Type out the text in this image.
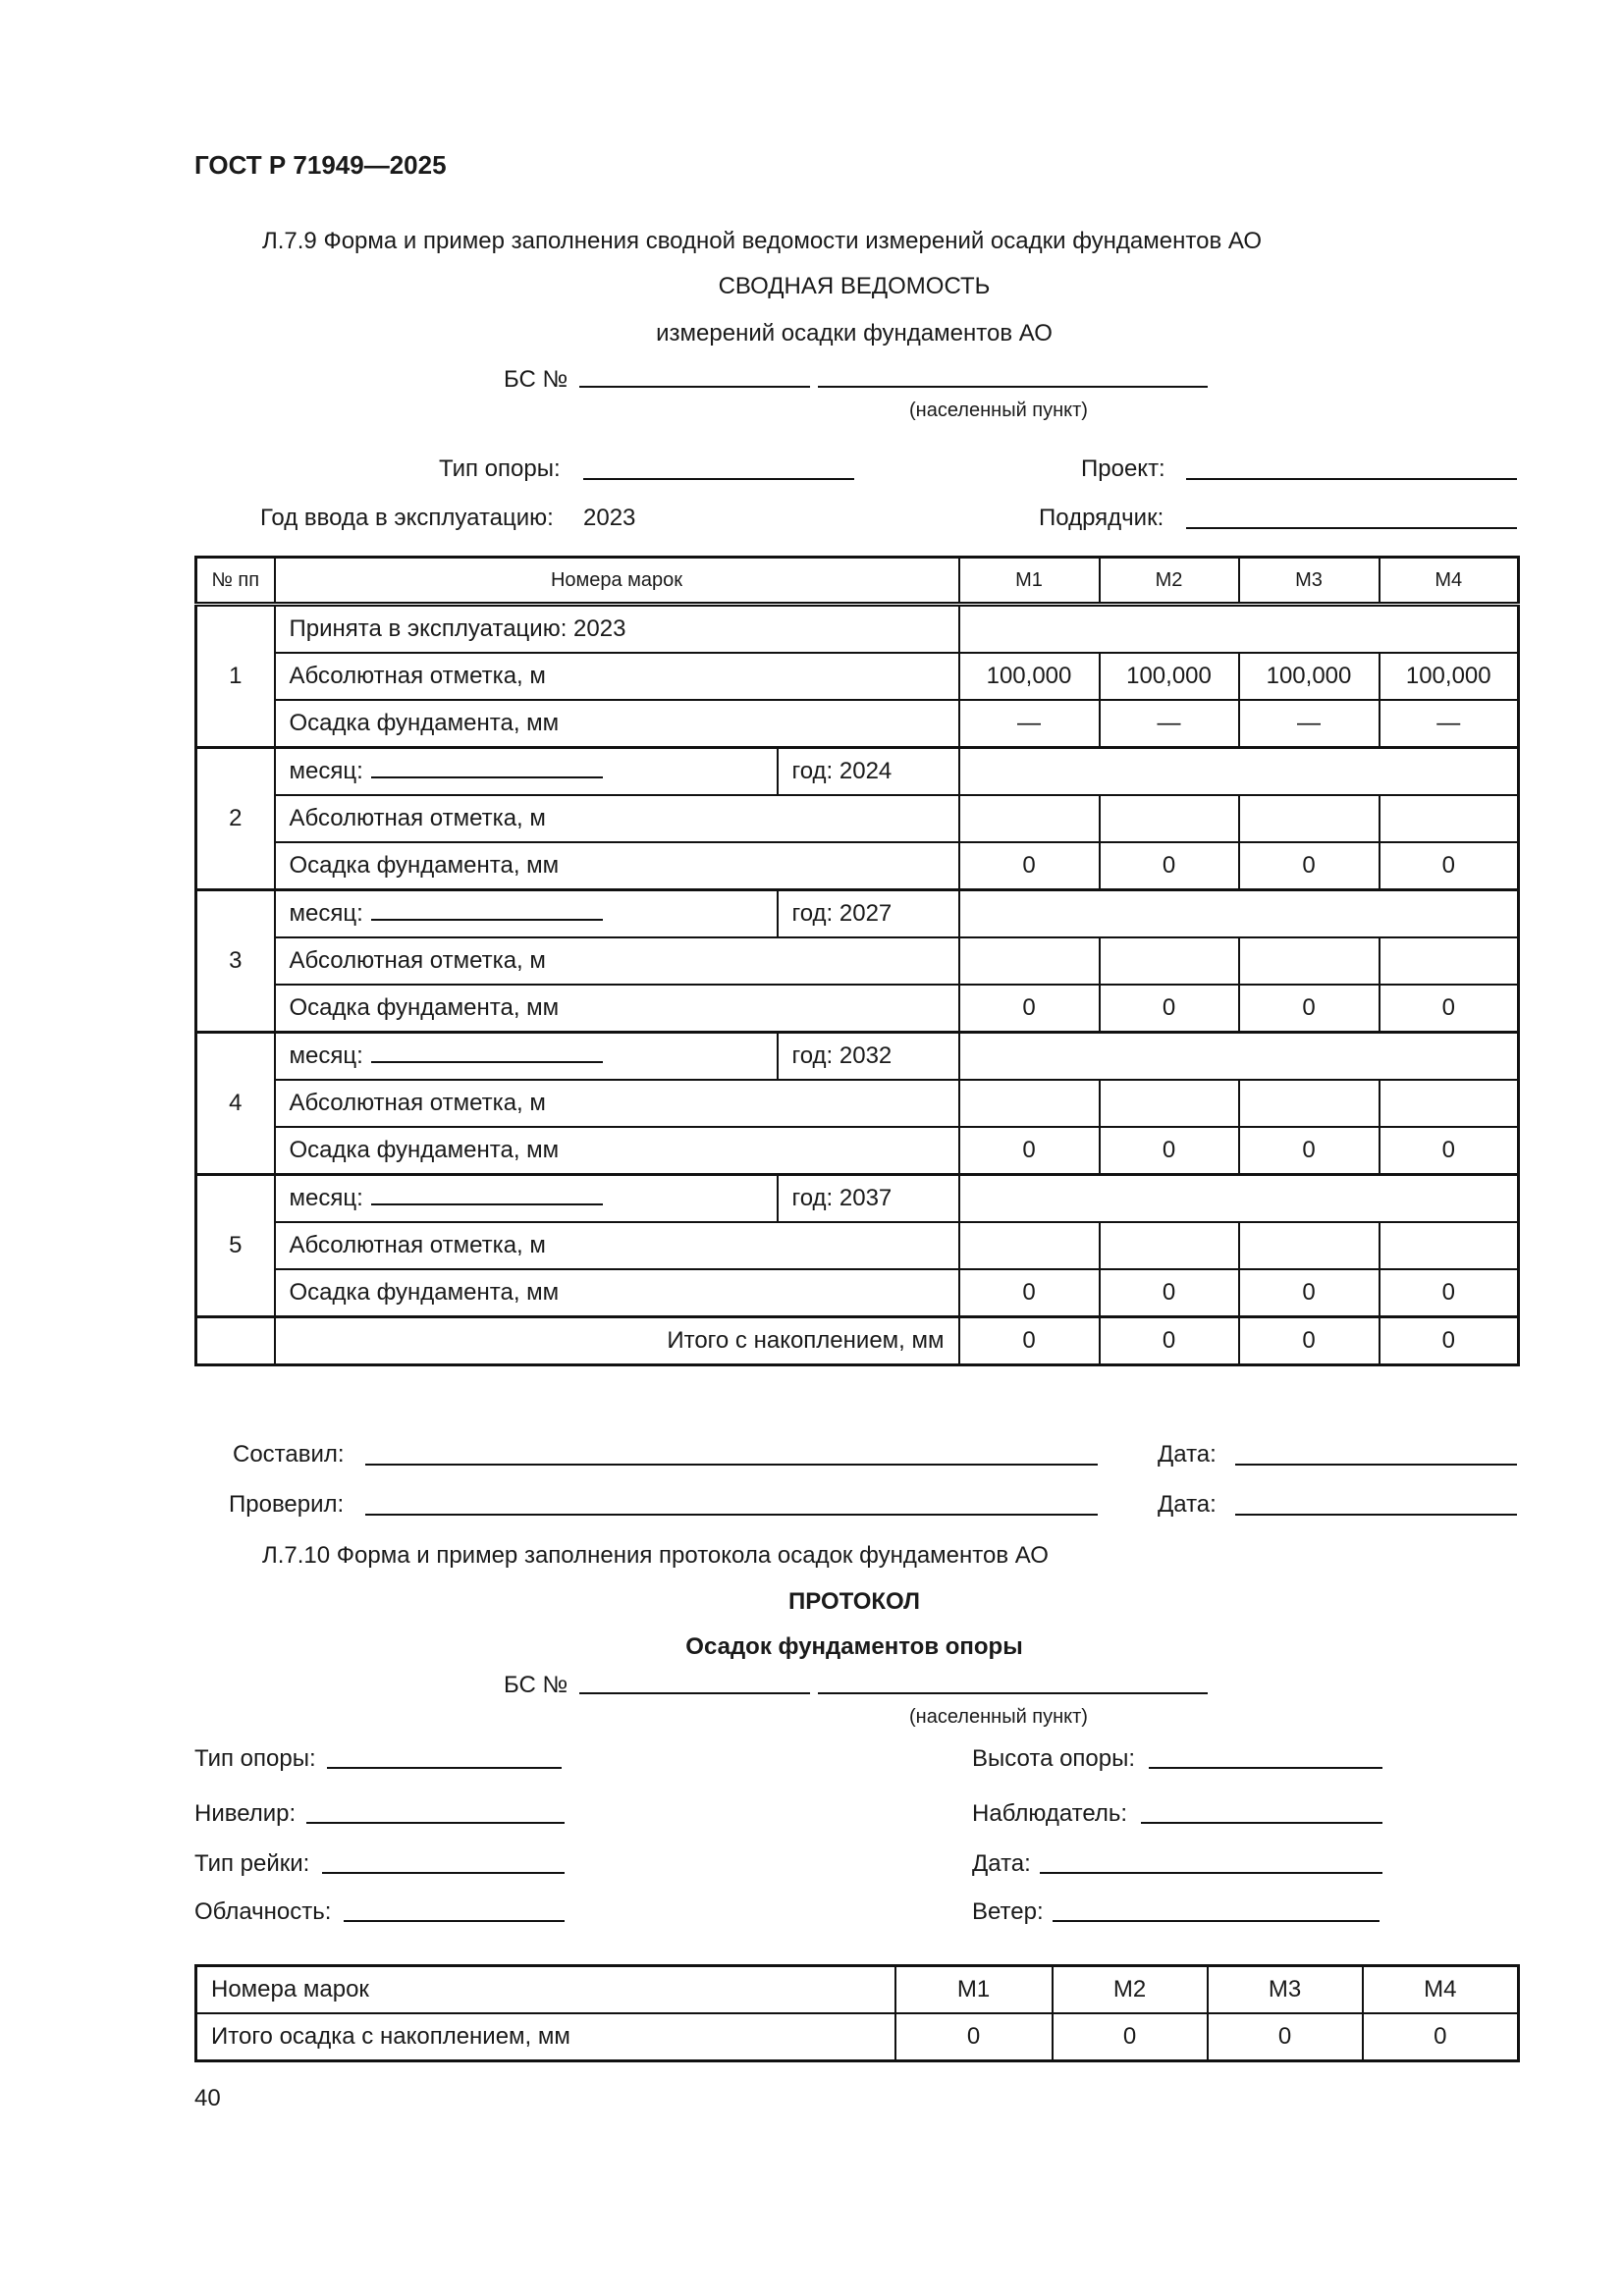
ГОСТ Р 71949—2025
Л.7.9 Форма и пример заполнения сводной ведомости измерений осадки фундаментов АО
СВОДНАЯ ВЕДОМОСТЬ
измерений осадки фундаментов АО
БС №
(населенный пункт)
Тип опоры:	Проект:
Год ввода в эксплуатацию: 2023	Подрядчик:
№ пп	Номера марок		М1	М2	М3	М4
1	Принята в эксплуатацию: 2023					
	Абсолютная отметка, м		100,000	100,000	100,000	100,000
	Осадка фундамента, мм		—	—	—	—
2	месяц:	год: 2024				
	Абсолютная отметка, м					
	Осадка фундамента, мм		0	0	0	0
3	месяц:	год: 2027				
	Абсолютная отметка, м					
	Осадка фундамента, мм		0	0	0	0
4	месяц:	год: 2032				
	Абсолютная отметка, м					
	Осадка фундамента, мм		0	0	0	0
5	месяц:	год: 2037				
	Абсолютная отметка, м					
	Осадка фундамента, мм		0	0	0	0
	Итого с накоплением, мм		0	0	0	0
Составил:	Дата:
Проверил:	Дата:
Л.7.10 Форма и пример заполнения протокола осадок фундаментов АО
ПРОТОКОЛ
Осадок фундаментов опоры
БС №
(населенный пункт)
Тип опоры:	Высота опоры:
Нивелир:	Наблюдатель:
Тип рейки:	Дата:
Облачность:	Ветер:
Номера марок	М1	М2	М3	М4
Итого осадка с накоплением, мм	0	0	0	0
40
